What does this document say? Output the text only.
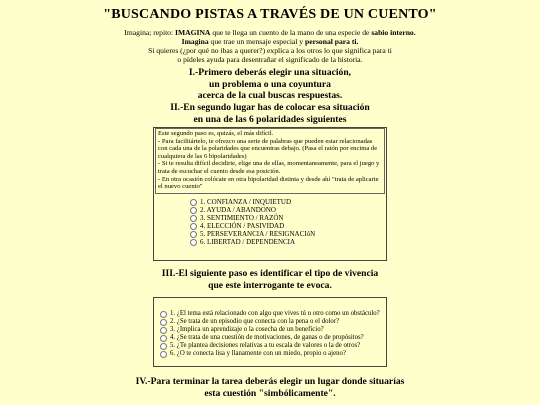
"BUSCANDO PISTAS A TRAVÉS DE UN CUENTO"
Imagina; repito: IMAGINA que te llega un cuento de la mano de una especie de sabio interno.
Imagina que trae un mensaje especial y personal para ti.
Si quieres (¿por qué no ibas a querer?) explica a los otros lo que significa para ti
o pídeles ayuda para desentrañar el significado de la historia.
I.-Primero deberás elegir una situación,
un problema o una coyuntura
acerca de la cual buscas respuestas.
II.-En segundo lugar has de colocar esa situación
en una de las 6 polaridades siguientes
Este segundo paso es, quizás, el más difícil.
- Para facilitártelo, te ofrezco una serie de palabras que pueden estar relacionadas
con cada una de la polaridades que encuentras debajo. (Pasa el ratón por encima de
cualquiera de las 6 bipolaridades)
- Si te resulta difícil decidirte, elige una de ellas, momentaneamente, para el juego y
trata de escuchar el cuento desde esa posición.
- En otra ocasión colócate en otra bipolaridad distinta y desde ahí "trata de aplicarte
el nuevo cuento"
1. CONFIANZA / INQUIETUD
2. AYUDA / ABANDONO
3. SENTIMIENTO / RAZÓN
4. ELECCIÓN / PASIVIDAD
5. PERSEVERANCIA / RESIGNACIóN
6. LIBERTAD / DEPENDENCIA
III.-El siguiente paso es identificar el tipo de vivencia
que este interrogante te evoca.
1. ¿El tema está relacionado con algo que vives tú u otro como un obstáculo?
2. ¿Se trata de un episodio que conecta con la pena o el dolor?
3. ¿Implica un aprendizaje o la cosecha de un beneficio?
4. ¿Se trata de una cuestión de motivaciones, de ganas o de propósitos?
5. ¿Te plantea decisiones relativas a tu escala de valores o la de otros?
6. ¿O te conecta lisa y llanamente con un miedo, propio o ajeno?
IV.-Para terminar la tarea deberás elegir un lugar donde situarías
esta cuestión "simbólicamente".
